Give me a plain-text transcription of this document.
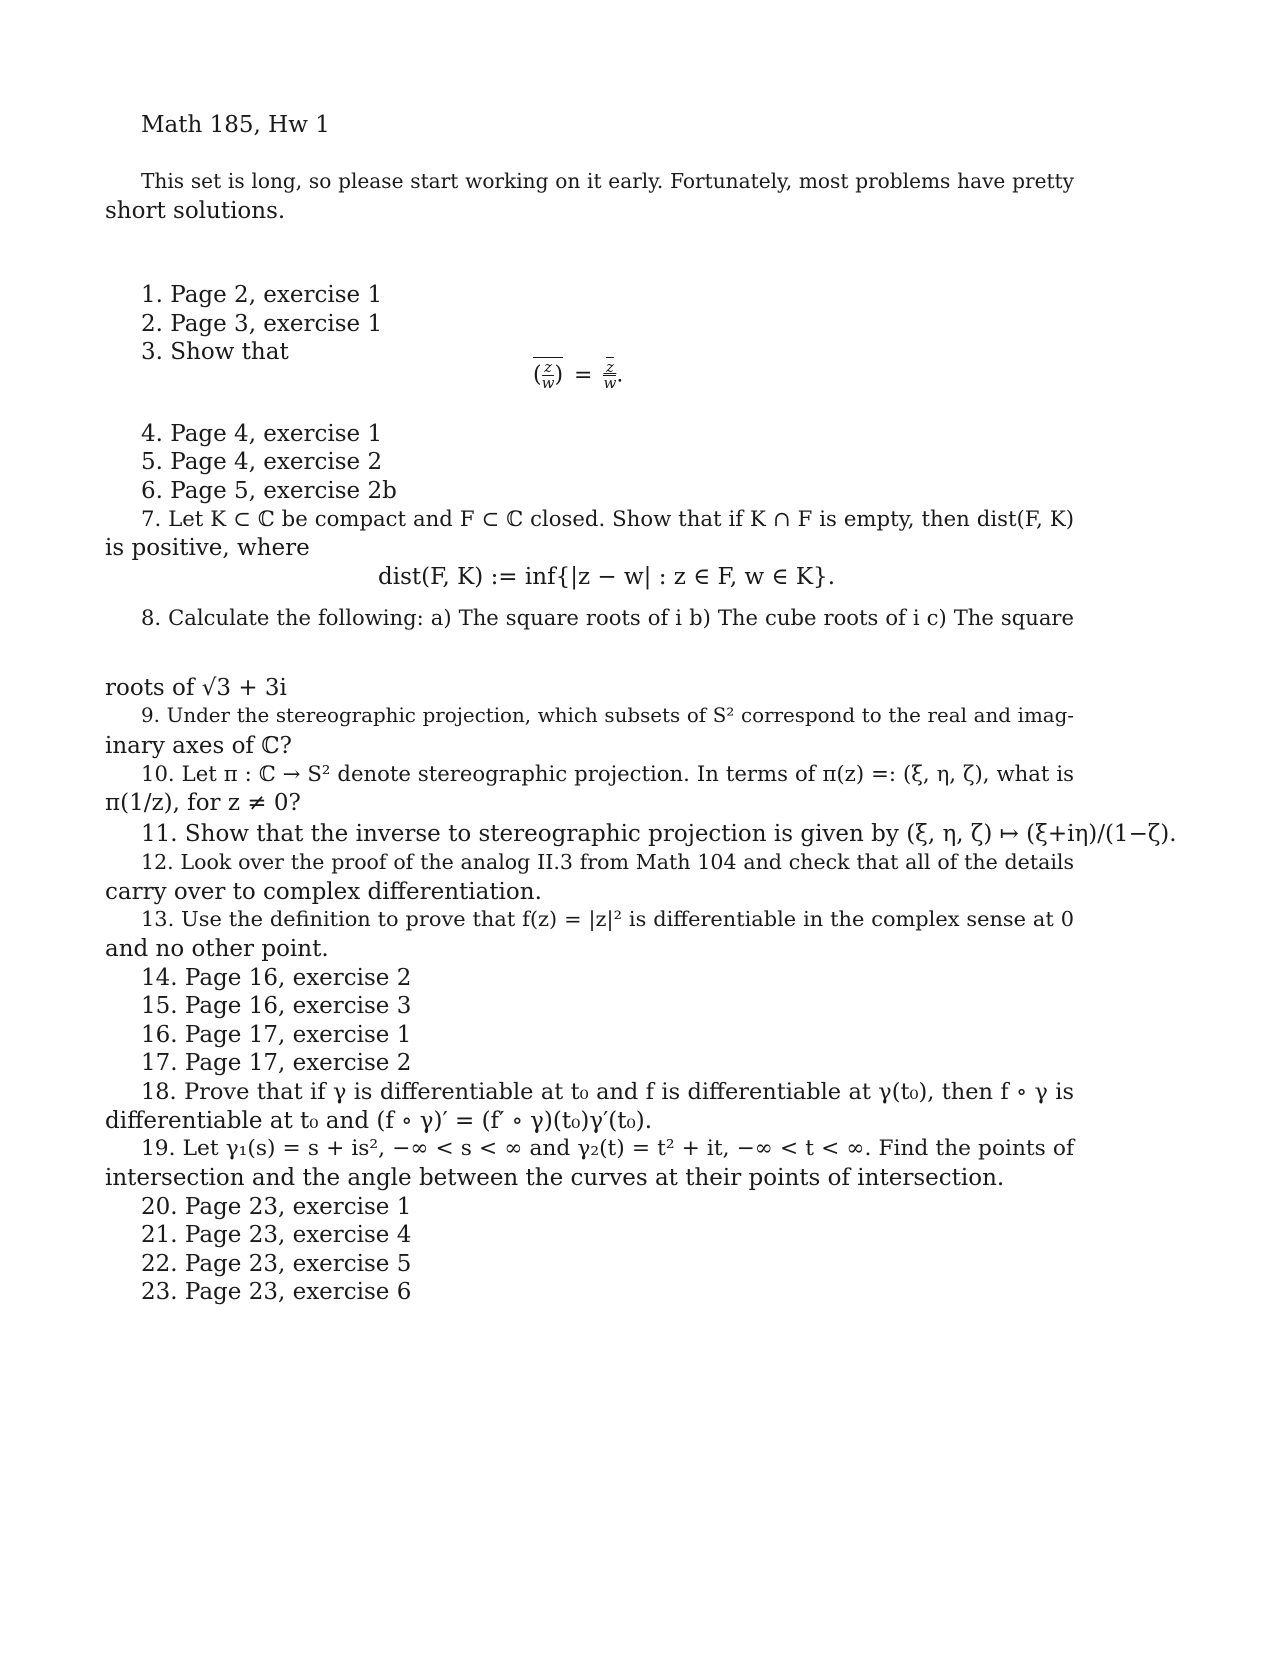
Math 185, Hw 1
This set is long, so please start working on it early. Fortunately, most problems have pretty
short solutions.
1. Page 2, exercise 1
2. Page 3, exercise 1
3. Show that
( $\frac{z}{w}$ ) = $\frac{\overline{z}}{w}$ .
4. Page 4, exercise 1
5. Page 4, exercise 2
6. Page 5, exercise 2b
7. Let K ⊂ ℂ be compact and F ⊂ ℂ closed. Show that if K ∩ F is empty, then dist(F, K)
is positive, where
dist(F, K) := inf{|z − w| : z ∈ F, w ∈ K}.
8. Calculate the following: a) The square roots of i b) The cube roots of i c) The square
roots of √3 + 3i
9. Under the stereographic projection, which subsets of S² correspond to the real and imag-
inary axes of ℂ?
10. Let π : ℂ → S² denote stereographic projection. In terms of π(z) =: (ξ, η, ζ), what is
π(1/z), for z ≠ 0?
11. Show that the inverse to stereographic projection is given by (ξ, η, ζ) ↦ (ξ+iη)/(1−ζ).
12. Look over the proof of the analog II.3 from Math 104 and check that all of the details
carry over to complex differentiation.
13. Use the definition to prove that f(z) = |z|² is differentiable in the complex sense at 0
and no other point.
14. Page 16, exercise 2
15. Page 16, exercise 3
16. Page 17, exercise 1
17. Page 17, exercise 2
18. Prove that if γ is differentiable at t₀ and f is differentiable at γ(t₀), then f ∘ γ is
differentiable at t₀ and (f ∘ γ)′ = (f′ ∘ γ)(t₀)γ′(t₀).
19. Let γ₁(s) = s + is², −∞ < s < ∞ and γ₂(t) = t² + it, −∞ < t < ∞. Find the points of
intersection and the angle between the curves at their points of intersection.
20. Page 23, exercise 1
21. Page 23, exercise 4
22. Page 23, exercise 5
23. Page 23, exercise 6
